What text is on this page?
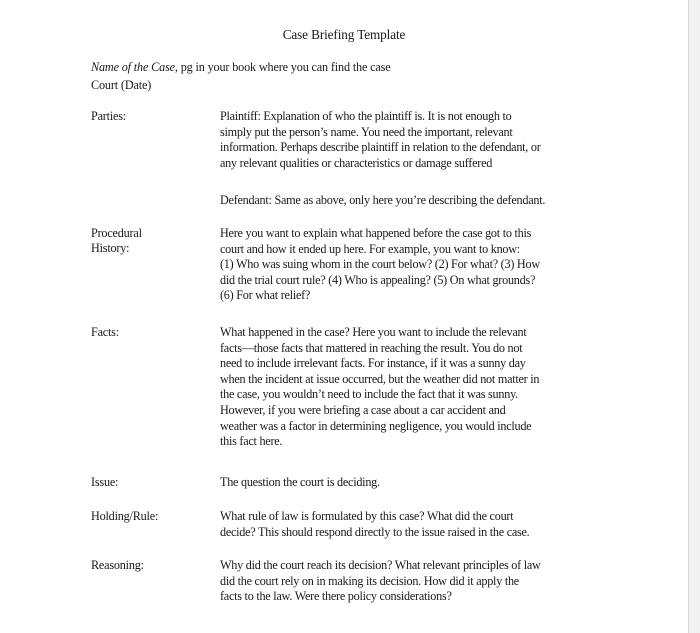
Case Briefing Template
Name of the Case, pg in your book where you can find the case
Court (Date)
Parties:	Plaintiff: Explanation of who the plaintiff is. It is not enough to
simply put the person’s name. You need the important, relevant
information. Perhaps describe plaintiff in relation to the defendant, or
any relevant qualities or characteristics or damage suffered
Defendant: Same as above, only here you’re describing the defendant.
Procedural
History:
Here you want to explain what happened before the case got to this
court and how it ended up here. For example, you want to know:
(1) Who was suing whom in the court below? (2) For what? (3) How
did the trial court rule? (4) Who is appealing? (5) On what grounds?
(6) For what relief?
Facts:	What happened in the case? Here you want to include the relevant
facts—those facts that mattered in reaching the result. You do not
need to include irrelevant facts. For instance, if it was a sunny day
when the incident at issue occurred, but the weather did not matter in
the case, you wouldn’t need to include the fact that it was sunny.
However, if you were briefing a case about a car accident and
weather was a factor in determining negligence, you would include
this fact here.
Issue:	The question the court is deciding.
Holding/Rule:	What rule of law is formulated by this case? What did the court
decide? This should respond directly to the issue raised in the case.
Reasoning:	Why did the court reach its decision? What relevant principles of law
did the court rely on in making its decision. How did it apply the
facts to the law. Were there policy considerations?
